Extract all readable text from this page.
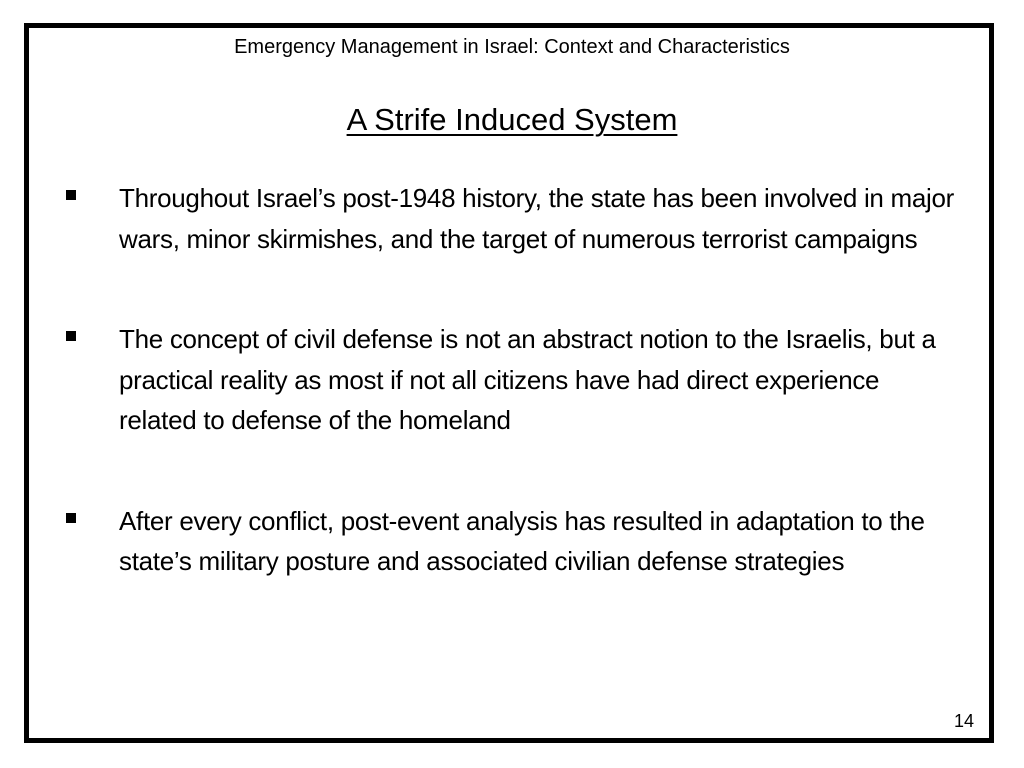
Emergency Management in Israel: Context and Characteristics
A Strife Induced System
Throughout Israel’s post-1948 history, the state has been involved in major wars, minor skirmishes, and the target of numerous terrorist campaigns
The concept of civil defense is not an abstract notion to the Israelis, but a practical reality as most if not all citizens have had direct experience related to defense of the homeland
After every conflict, post-event analysis has resulted in adaptation to the state’s military posture and associated civilian defense strategies
14
